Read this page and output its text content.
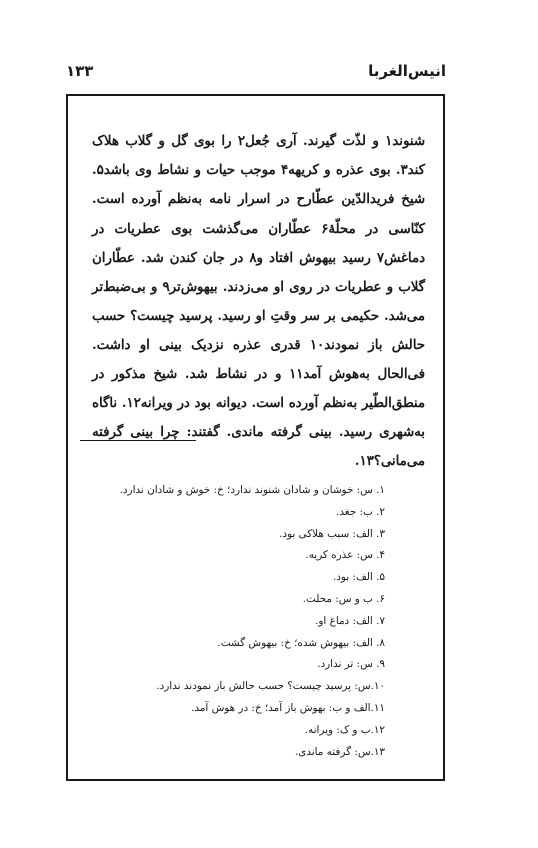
۱۳۳	انیس‌الغربا

شنوند۱ و لذّت گیرند. آری جُعل۲ را بوی گل و گلاب هلاک کند۳. بوی عذره و کریهه۴ موجب حیات و نشاط وی باشد۵. شیخ فریدالدّین عطّار‌ح در اسرار نامه به‌نظم آورده است. کنّاسی در محلّهٔ۶ عطّاران می‌گذشت بوی عطریات در دماغش۷ رسید بیهوش افتاد و۸ در جان کندن شد. عطّاران گلاب و عطریات در روی او می‌زدند. بیهوش‌تر۹ و بی‌ضبط‌تر می‌شد. حکیمی بر سر وقتِ او رسید. پرسید چیست؟ حسب حالش باز نمودند۱۰ قدری عذره نزدیک بینی او داشت. فی‌الحال به‌هوش آمد۱۱ و در نشاط شد. شیخ مذکور در منطق‌الطّیر به‌نظم آورده است. دیوانه بود در ویرانه۱۲. ناگاه به‌شهری رسید. بینی گرفته ماندی. گفتند: چرا بینی گرفته می‌مانی؟۱۳.

۱. س: خوشان و شادان شنوند ندارد؛ خ: خوش و شادان ندارد.
۲. ب: جغد.
۳. الف: سبب هلاکی بود.
۴. س: عذره کریه.
۵. الف: بود.
۶. ب و س: محلت.
۷. الف: دماغ او.
۸. الف: بیهوش شده؛ خ: بیهوش گشت.
۹. س: تر ندارد.
۱۰.س: پرسید چیست؟ حسب حالش باز نمودند ندارد.
۱۱.الف و ب: بهوش باز آمد؛ خ: در هوش آمد.
۱۲.ب و ک: ویرانه.
۱۳.س: گرفته ماندی.
